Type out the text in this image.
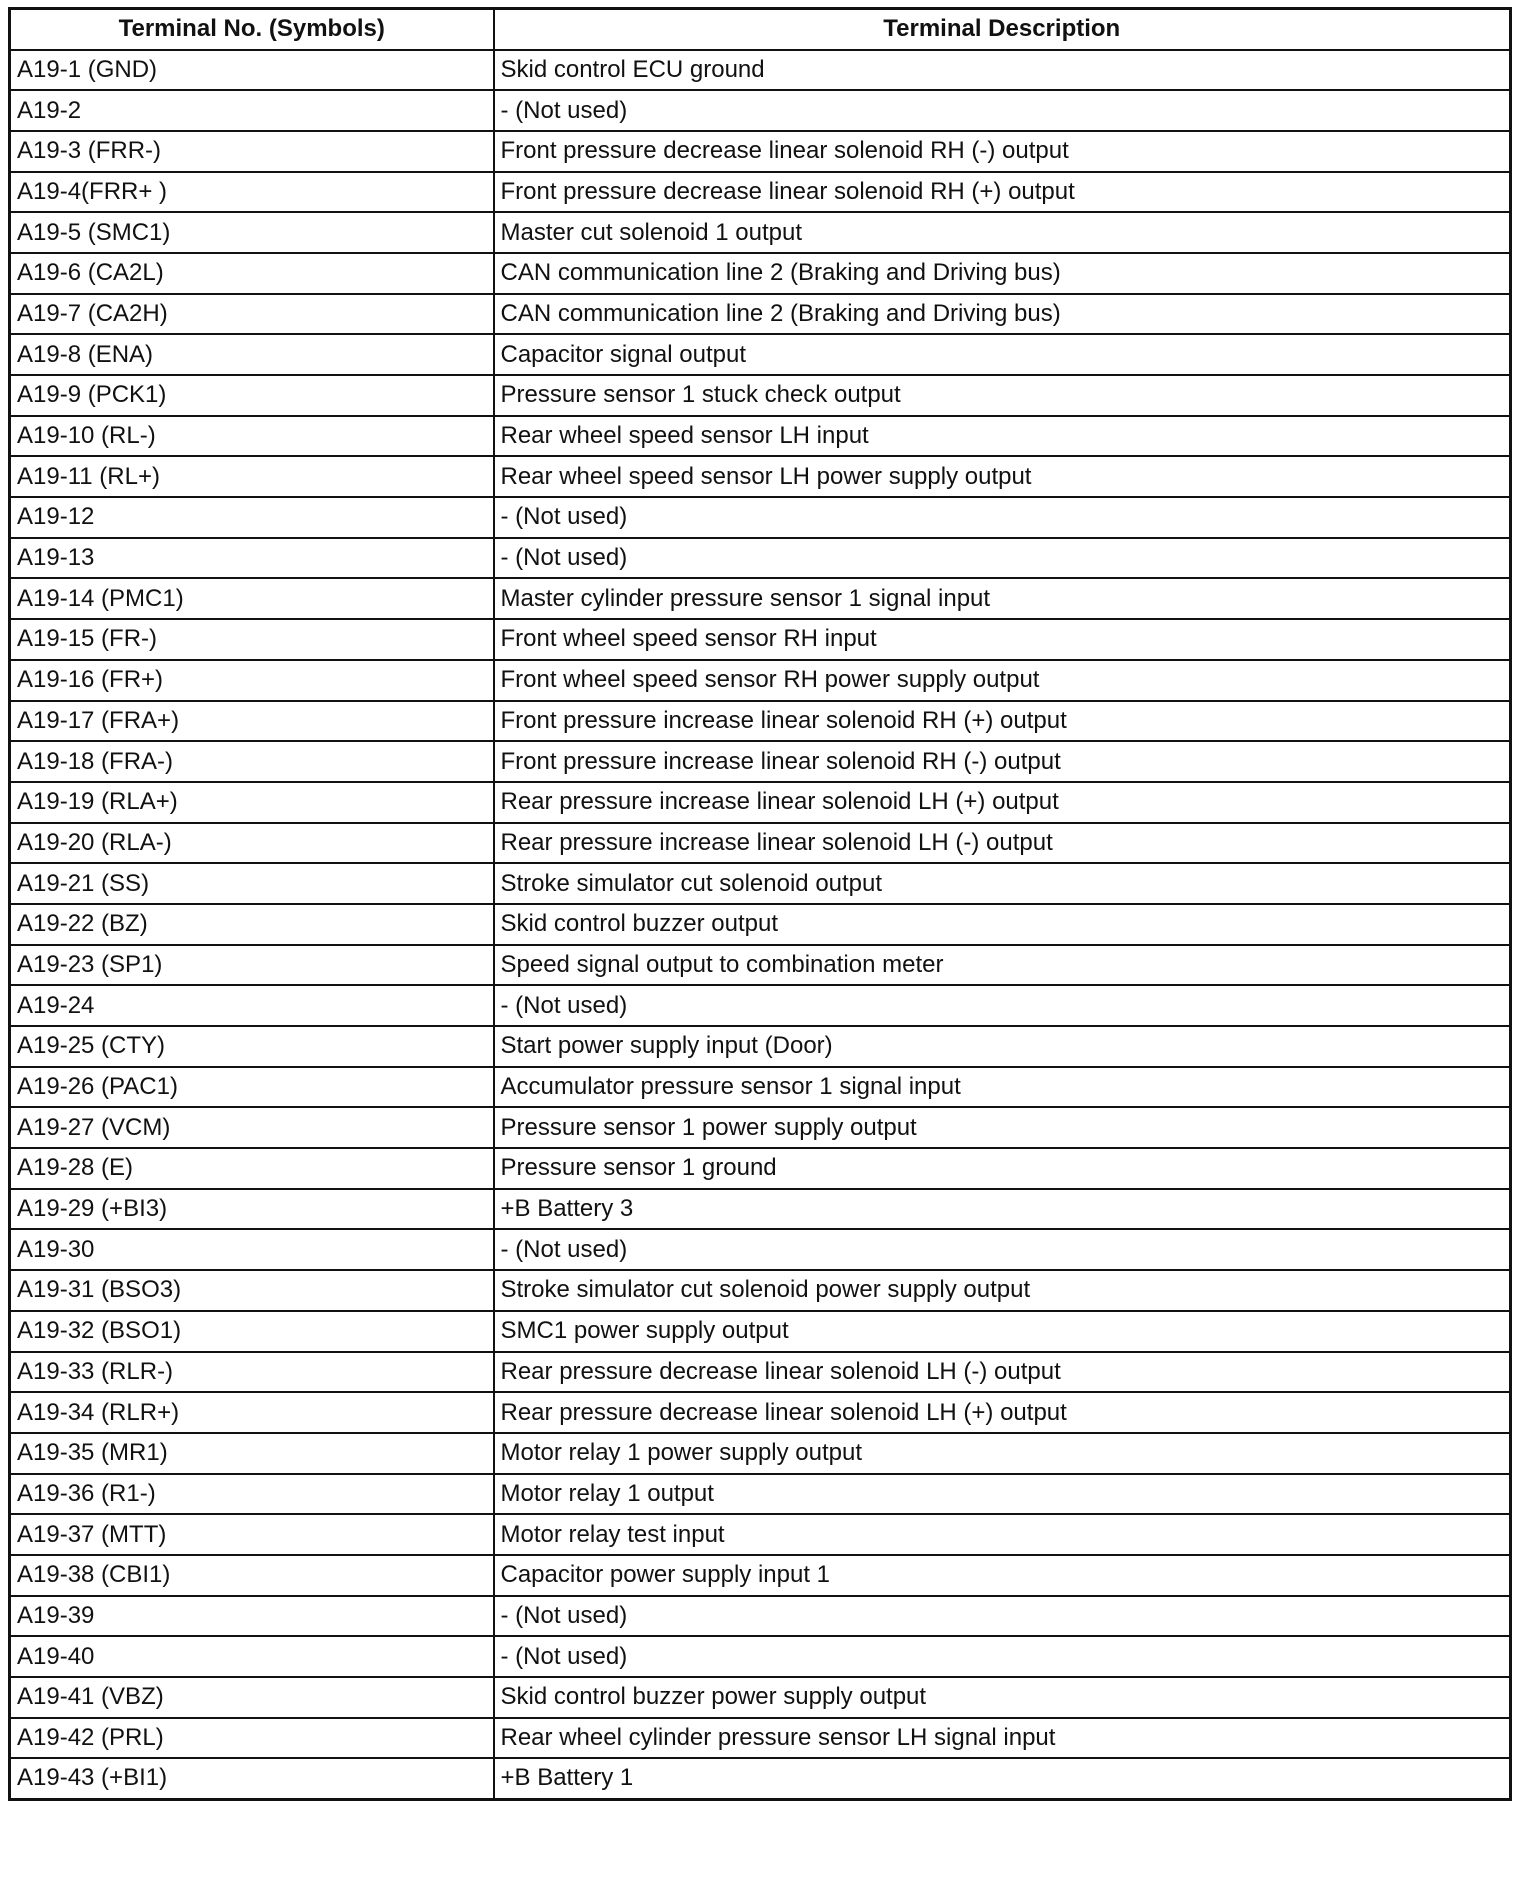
Terminal No. (Symbols)	Terminal Description
A19-1 (GND)	Skid control ECU ground
A19-2	- (Not used)
A19-3 (FRR-)	Front pressure decrease linear solenoid RH (-) output
A19-4(FRR+ )	Front pressure decrease linear solenoid RH (+) output
A19-5 (SMC1)	Master cut solenoid 1 output
A19-6 (CA2L)	CAN communication line 2 (Braking and Driving bus)
A19-7 (CA2H)	CAN communication line 2 (Braking and Driving bus)
A19-8 (ENA)	Capacitor signal output
A19-9 (PCK1)	Pressure sensor 1 stuck check output
A19-10 (RL-)	Rear wheel speed sensor LH input
A19-11 (RL+)	Rear wheel speed sensor LH power supply output
A19-12	- (Not used)
A19-13	- (Not used)
A19-14 (PMC1)	Master cylinder pressure sensor 1 signal input
A19-15 (FR-)	Front wheel speed sensor RH input
A19-16 (FR+)	Front wheel speed sensor RH power supply output
A19-17 (FRA+)	Front pressure increase linear solenoid RH (+) output
A19-18 (FRA-)	Front pressure increase linear solenoid RH (-) output
A19-19 (RLA+)	Rear pressure increase linear solenoid LH (+) output
A19-20 (RLA-)	Rear pressure increase linear solenoid LH (-) output
A19-21 (SS)	Stroke simulator cut solenoid output
A19-22 (BZ)	Skid control buzzer output
A19-23 (SP1)	Speed signal output to combination meter
A19-24	- (Not used)
A19-25 (CTY)	Start power supply input (Door)
A19-26 (PAC1)	Accumulator pressure sensor 1 signal input
A19-27 (VCM)	Pressure sensor 1 power supply output
A19-28 (E)	Pressure sensor 1 ground
A19-29 (+BI3)	+B Battery 3
A19-30	- (Not used)
A19-31 (BSO3)	Stroke simulator cut solenoid power supply output
A19-32 (BSO1)	SMC1 power supply output
A19-33 (RLR-)	Rear pressure decrease linear solenoid LH (-) output
A19-34 (RLR+)	Rear pressure decrease linear solenoid LH (+) output
A19-35 (MR1)	Motor relay 1 power supply output
A19-36 (R1-)	Motor relay 1 output
A19-37 (MTT)	Motor relay test input
A19-38 (CBI1)	Capacitor power supply input 1
A19-39	- (Not used)
A19-40	- (Not used)
A19-41 (VBZ)	Skid control buzzer power supply output
A19-42 (PRL)	Rear wheel cylinder pressure sensor LH signal input
A19-43 (+BI1)	+B Battery 1
